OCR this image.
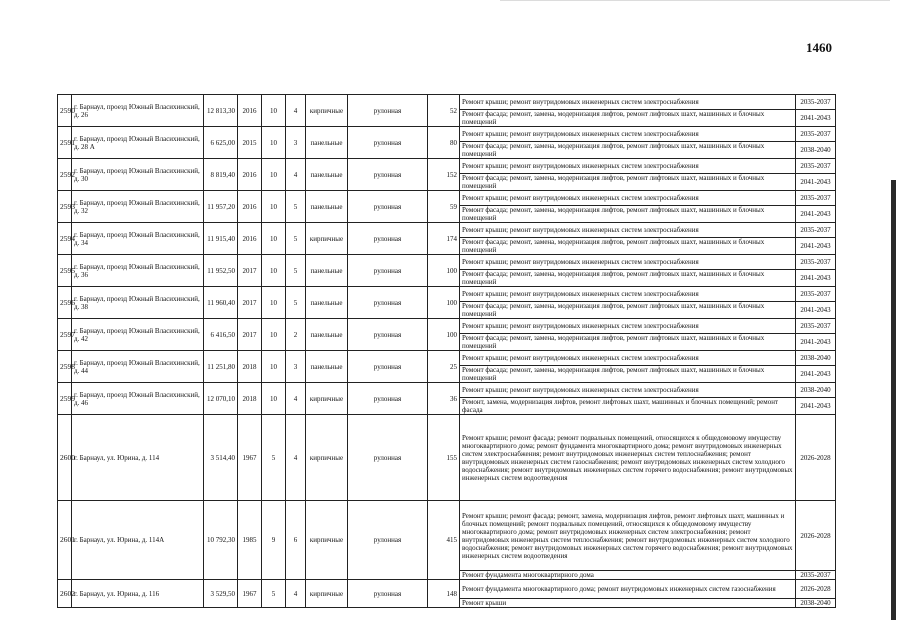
1460
2590	г. Барнаул, проезд Южный Власихинский, д. 26	12 813,30	2016	10	4	кирпичные	рулонная	52	Ремонт крыши; ремонт внутридомовых инженерных систем электроснабжения	2035-2037
									Ремонт фасада; ремонт, замена, модернизация лифтов, ремонт лифтовых шахт, машинных и блочных помещений	2041-2043
2591	г. Барнаул, проезд Южный Власихинский, д. 28 А	6 625,00	2015	10	3	панельные	рулонная	80	Ремонт крыши; ремонт внутридомовых инженерных систем электроснабжения	2035-2037
									Ремонт фасада; ремонт, замена, модернизация лифтов, ремонт лифтовых шахт, машинных и блочных помещений	2038-2040
2592	г. Барнаул, проезд Южный Власихинский, д. 30	8 819,40	2016	10	4	панельные	рулонная	152	Ремонт крыши; ремонт внутридомовых инженерных систем электроснабжения	2035-2037
									Ремонт фасада; ремонт, замена, модернизация лифтов, ремонт лифтовых шахт, машинных и блочных помещений	2041-2043
2593	г. Барнаул, проезд Южный Власихинский, д. 32	11 957,20	2016	10	5	панельные	рулонная	59	Ремонт крыши; ремонт внутридомовых инженерных систем электроснабжения	2035-2037
									Ремонт фасада; ремонт, замена, модернизация лифтов, ремонт лифтовых шахт, машинных и блочных помещений	2041-2043
2594	г. Барнаул, проезд Южный Власихинский, д. 34	11 915,40	2016	10	5	кирпичные	рулонная	174	Ремонт крыши; ремонт внутридомовых инженерных систем электроснабжения	2035-2037
									Ремонт фасада; ремонт, замена, модернизация лифтов, ремонт лифтовых шахт, машинных и блочных помещений	2041-2043
2595	г. Барнаул, проезд Южный Власихинский, д. 36	11 952,50	2017	10	5	панельные	рулонная	100	Ремонт крыши; ремонт внутридомовых инженерных систем электроснабжения	2035-2037
									Ремонт фасада; ремонт, замена, модернизация лифтов, ремонт лифтовых шахт, машинных и блочных помещений	2041-2043
2596	г. Барнаул, проезд Южный Власихинский, д. 38	11 960,40	2017	10	5	панельные	рулонная	100	Ремонт крыши; ремонт внутридомовых инженерных систем электроснабжения	2035-2037
									Ремонт фасада; ремонт, замена, модернизация лифтов, ремонт лифтовых шахт, машинных и блочных помещений	2041-2043
2597	г. Барнаул, проезд Южный Власихинский, д. 42	6 416,50	2017	10	2	панельные	рулонная	100	Ремонт крыши; ремонт внутридомовых инженерных систем электроснабжения	2035-2037
									Ремонт фасада; ремонт, замена, модернизация лифтов, ремонт лифтовых шахт, машинных и блочных помещений	2041-2043
2598	г. Барнаул, проезд Южный Власихинский, д. 44	11 251,80	2018	10	3	панельные	рулонная	25	Ремонт крыши; ремонт внутридомовых инженерных систем электроснабжения	2038-2040
									Ремонт фасада; ремонт, замена, модернизация лифтов, ремонт лифтовых шахт, машинных и блочных помещений	2041-2043
2599	г. Барнаул, проезд Южный Власихинский, д. 46	12 070,10	2018	10	4	кирпичные	рулонная	36	Ремонт крыши; ремонт внутридомовых инженерных систем электроснабжения	2038-2040
									Ремонт, замена, модернизация лифтов, ремонт лифтовых шахт, машинных и блочных помещений; ремонт фасада	2041-2043
2600	г. Барнаул, ул. Юрина, д. 114	3 514,40	1967	5	4	кирпичные	рулонная	155	Ремонт крыши; ремонт фасада; ремонт подвальных помещений, относящихся к общедомовому имуществу многоквартирного дома; ремонт фундамента многоквартирного дома; ремонт внутридомовых инженерных систем электроснабжения; ремонт внутридомовых инженерных систем теплоснабжения; ремонт внутридомовых инженерных систем газоснабжения; ремонт внутридомовых инженерных систем холодного водоснабжения; ремонт внутридомовых инженерных систем горячего водоснабжения; ремонт внутридомовых инженерных систем водоотведения	2026-2028
2601	г. Барнаул, ул. Юрина, д. 114А	10 792,30	1985	9	6	кирпичные	рулонная	415	Ремонт крыши; ремонт фасада; ремонт, замена, модернизация лифтов, ремонт лифтовых шахт, машинных и блочных помещений; ремонт подвальных помещений, относящихся к общедомовому имуществу многоквартирного дома; ремонт внутридомовых инженерных систем электроснабжения; ремонт внутридомовых инженерных систем теплоснабжения; ремонт внутридомовых инженерных систем холодного водоснабжения; ремонт внутридомовых инженерных систем горячего водоснабжения; ремонт внутридомовых инженерных систем водоотведения	2026-2028
									Ремонт фундамента многоквартирного дома	2035-2037
2602	г. Барнаул, ул. Юрина, д. 116	3 529,50	1967	5	4	кирпичные	рулонная	148	Ремонт фундамента многоквартирного дома; ремонт внутридомовых инженерных систем газоснабжения	2026-2028
									Ремонт крыши	2038-2040
